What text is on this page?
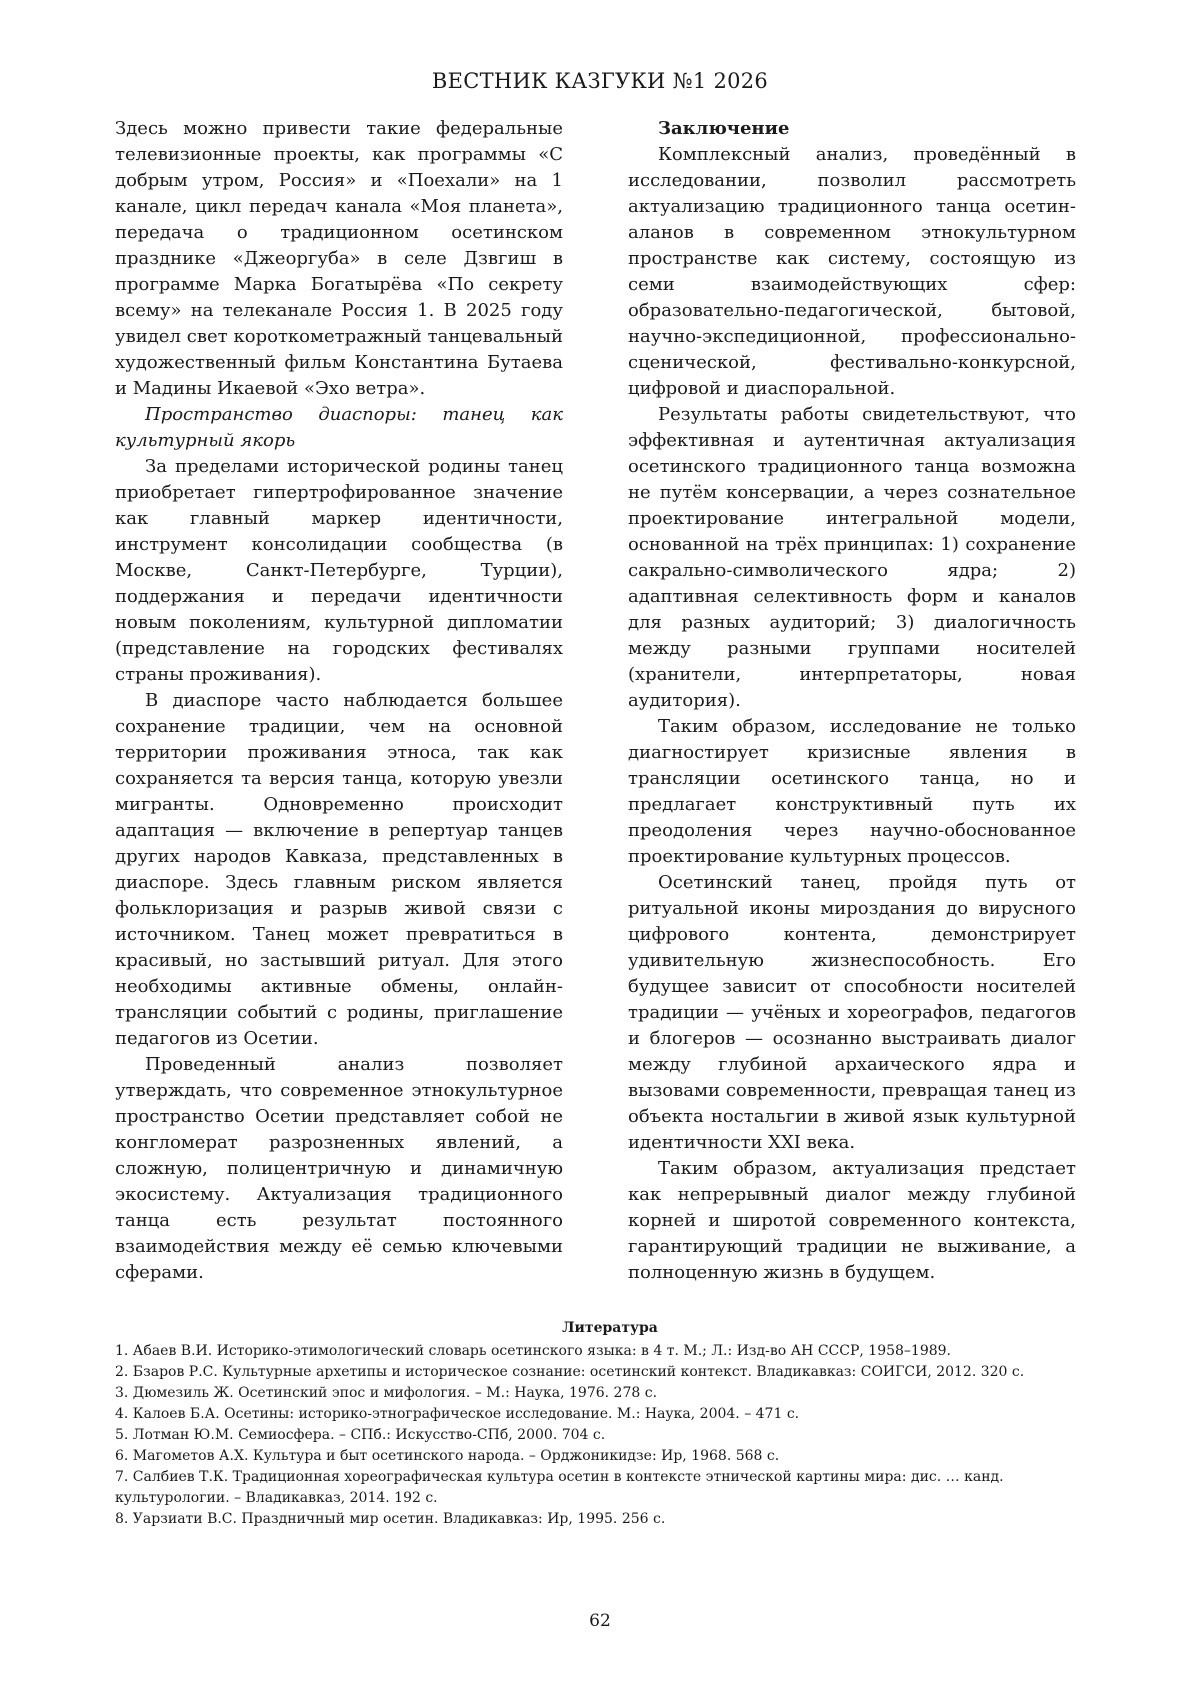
ВЕСТНИК КАЗГУКИ №1 2026

Здесь можно привести такие федеральные телевизионные проекты, как программы «С добрым утром, Россия» и «Поехали» на 1 канале, цикл передач канала «Моя планета», передача о традиционном осетинском празднике «Джеоргуба» в селе Дзвгиш в программе Марка Богатырёва «По секрету всему» на телеканале Россия 1. В 2025 году увидел свет короткометражный танцевальный художественный фильм Константина Бутаева и Мадины Икаевой «Эхо ветра».

Пространство диаспоры: танец как культурный якорь

За пределами исторической родины танец приобретает гипертрофированное значение как главный маркер идентичности, инструмент консолидации сообщества (в Москве, Санкт-Петербурге, Турции), поддержания и передачи идентичности новым поколениям, культурной дипломатии (представление на городских фестивалях страны проживания).

В диаспоре часто наблюдается большее сохранение традиции, чем на основной территории проживания этноса, так как сохраняется та версия танца, которую увезли мигранты. Одновременно происходит адаптация — включение в репертуар танцев других народов Кавказа, представленных в диаспоре. Здесь главным риском является фольклоризация и разрыв живой связи с источником. Танец может превратиться в красивый, но застывший ритуал. Для этого необходимы активные обмены, онлайн-трансляции событий с родины, приглашение педагогов из Осетии.

Проведенный анализ позволяет утверждать, что современное этнокультурное пространство Осетии представляет собой не конгломерат разрозненных явлений, а сложную, полицентричную и динамичную экосистему. Актуализация традиционного танца есть результат постоянного взаимодействия между её семью ключевыми сферами.

Заключение

Комплексный анализ, проведённый в исследовании, позволил рассмотреть актуализацию традиционного танца осетин-аланов в современном этнокультурном пространстве как систему, состоящую из семи взаимодействующих сфер: образовательно-педагогической, бытовой, научно-экспедиционной, профессионально-сценической, фестивально-конкурсной, цифровой и диаспоральной.

Результаты работы свидетельствуют, что эффективная и аутентичная актуализация осетинского традиционного танца возможна не путём консервации, а через сознательное проектирование интегральной модели, основанной на трёх принципах: 1) сохранение сакрально-символического ядра; 2) адаптивная селективность форм и каналов для разных аудиторий; 3) диалогичность между разными группами носителей (хранители, интерпретаторы, новая аудитория).

Таким образом, исследование не только диагностирует кризисные явления в трансляции осетинского танца, но и предлагает конструктивный путь их преодоления через научно-обоснованное проектирование культурных процессов.

Осетинский танец, пройдя путь от ритуальной иконы мироздания до вирусного цифрового контента, демонстрирует удивительную жизнеспособность. Его будущее зависит от способности носителей традиции — учёных и хореографов, педагогов и блогеров — осознанно выстраивать диалог между глубиной архаического ядра и вызовами современности, превращая танец из объекта ностальгии в живой язык культурной идентичности XXI века.

Таким образом, актуализация предстает как непрерывный диалог между глубиной корней и широтой современного контекста, гарантирующий традиции не выживание, а полноценную жизнь в будущем.

Литература
1. Абаев В.И. Историко-этимологический словарь осетинского языка: в 4 т. М.; Л.: Изд-во АН СССР, 1958–1989.
2. Бзаров Р.С. Культурные архетипы и историческое сознание: осетинский контекст. Владикавказ: СОИГСИ, 2012. 320 с.
3. Дюмезиль Ж. Осетинский эпос и мифология. – М.: Наука, 1976. 278 с.
4. Калоев Б.А. Осетины: историко-этнографическое исследование. М.: Наука, 2004. – 471 с.
5. Лотман Ю.М. Семиосфера. – СПб.: Искусство-СПб, 2000. 704 с.
6. Магометов А.Х. Культура и быт осетинского народа. – Орджоникидзе: Ир, 1968. 568 с.
7. Салбиев Т.К. Традиционная хореографическая культура осетин в контексте этнической картины мира: дис. … канд. культурологии. – Владикавказ, 2014. 192 с.
8. Уарзиати В.С. Праздничный мир осетин. Владикавказ: Ир, 1995. 256 с.
62
